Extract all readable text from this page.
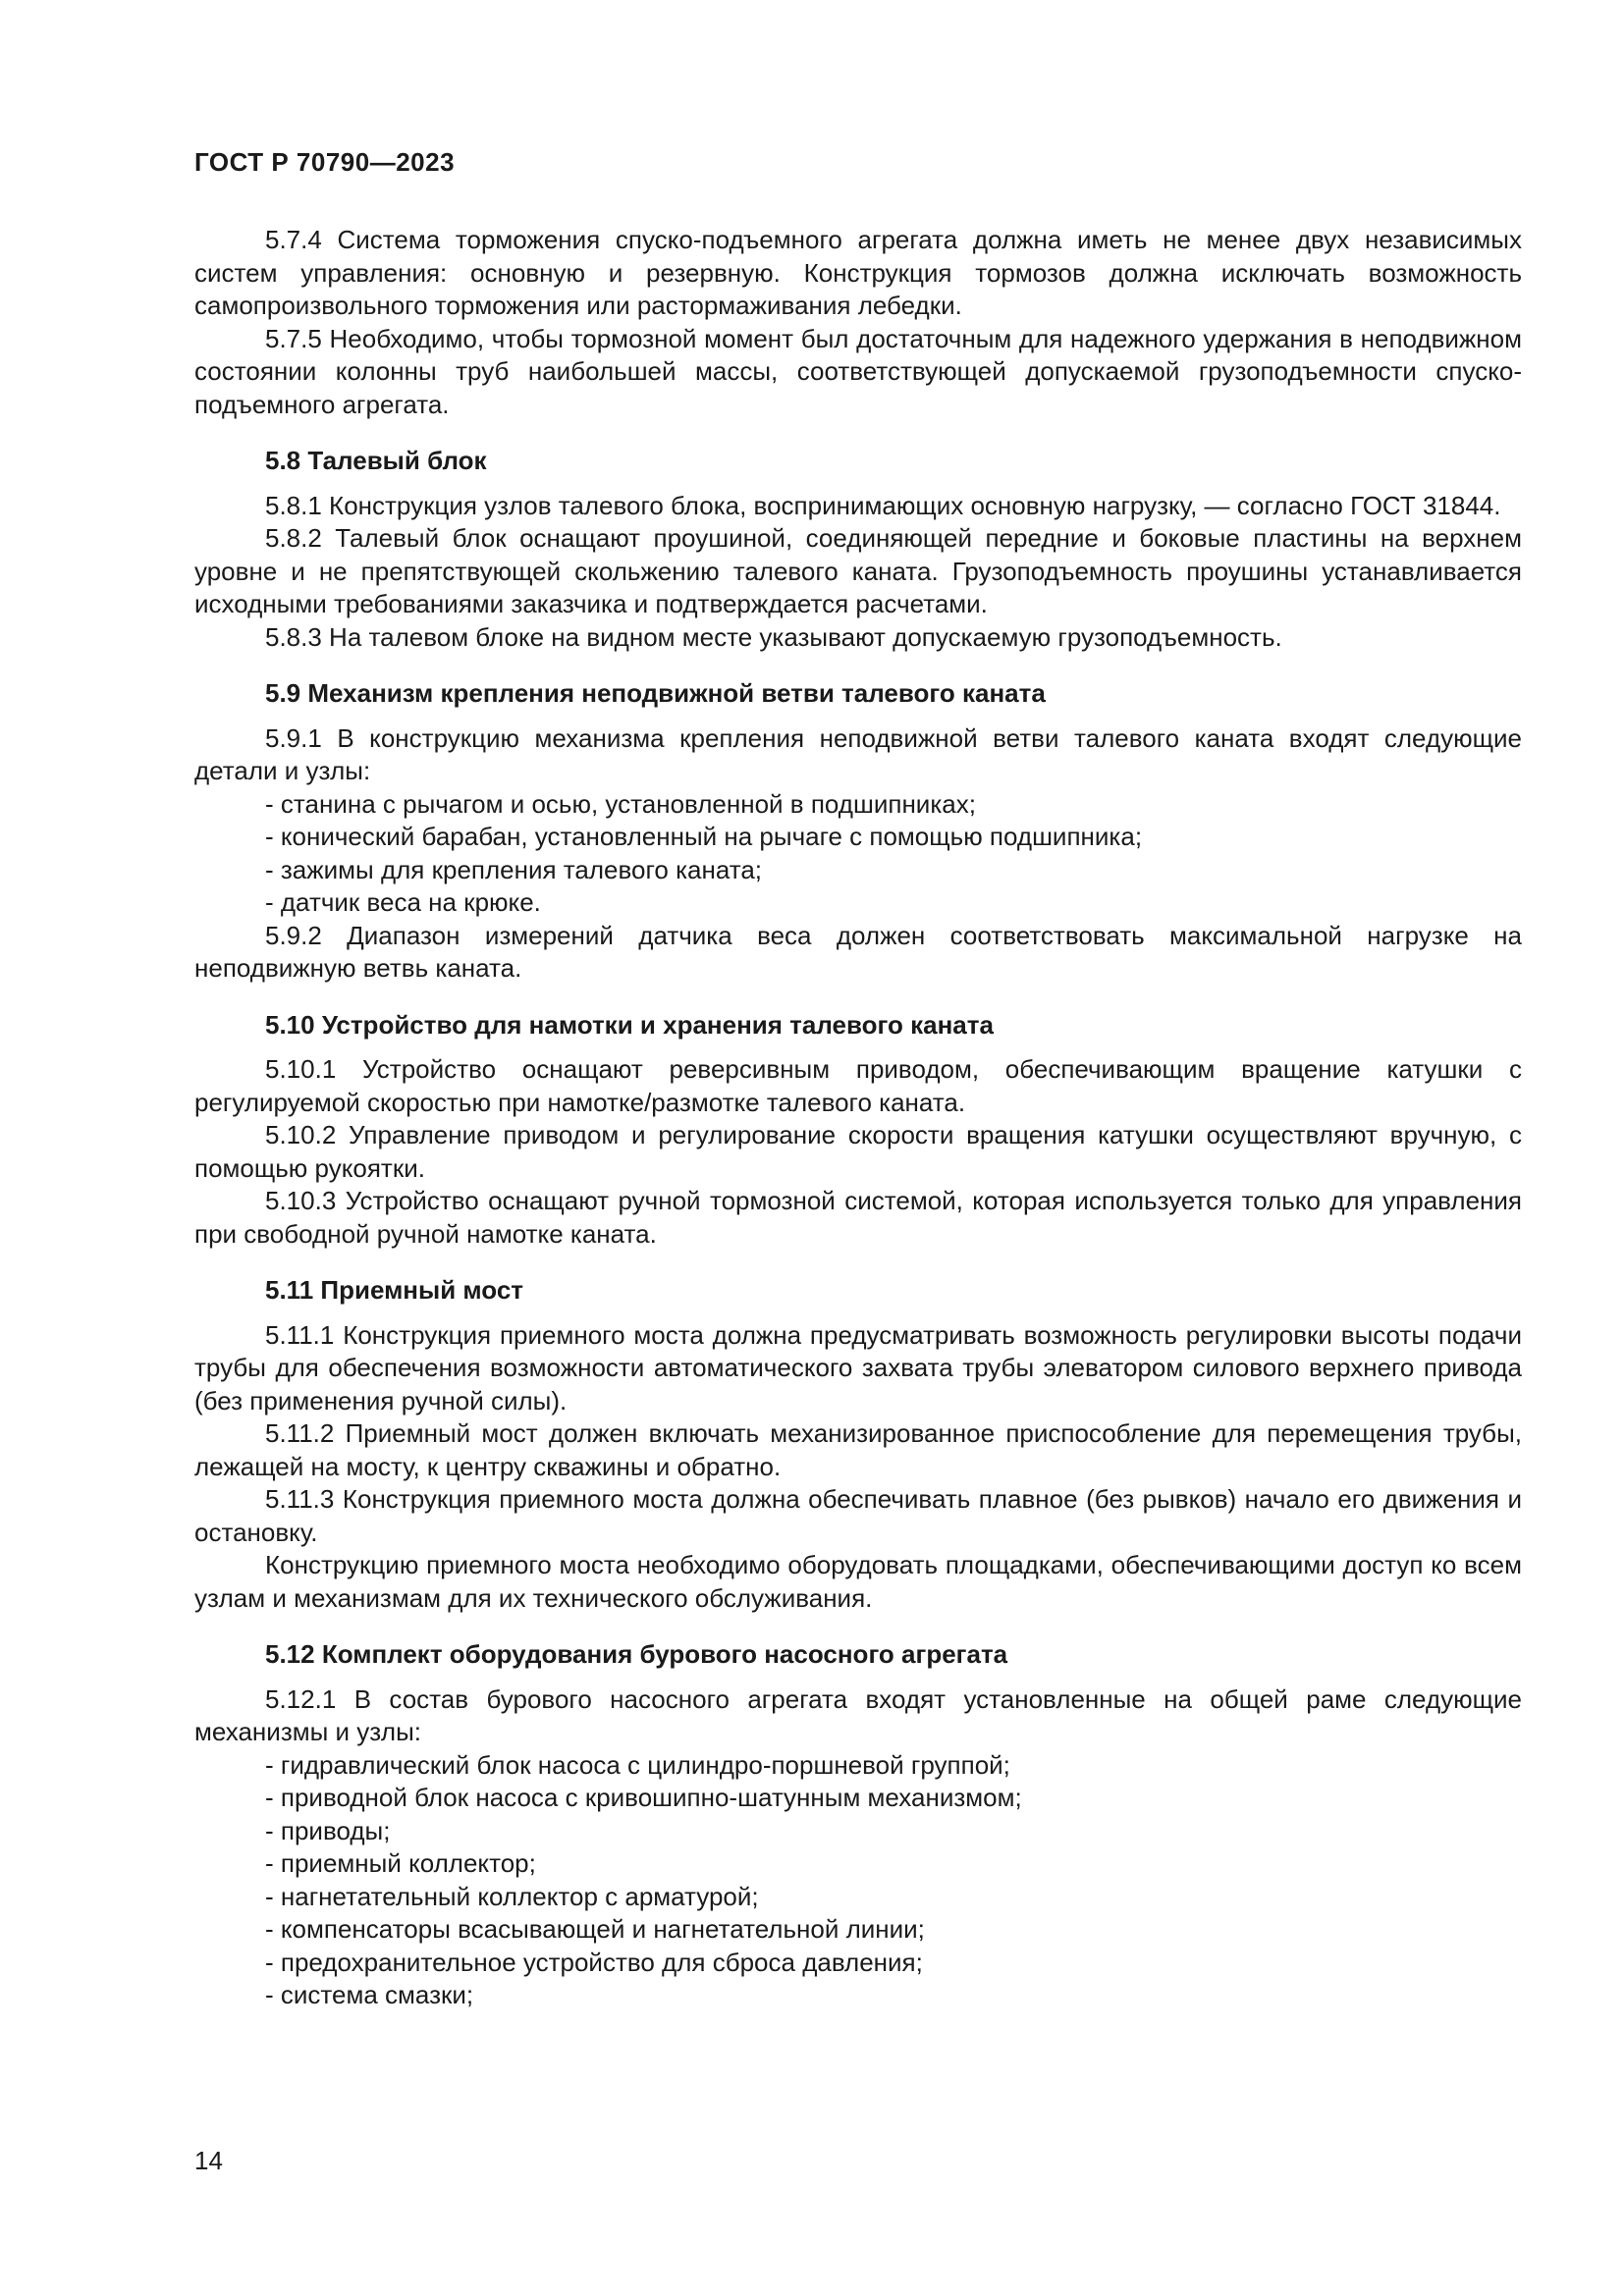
ГОСТ Р 70790—2023

5.7.4 Система торможения спуско-подъемного агрегата должна иметь не менее двух независимых систем управления: основную и резервную. Конструкция тормозов должна исключать возможность самопроизвольного торможения или растормаживания лебедки.

5.7.5 Необходимо, чтобы тормозной момент был достаточным для надежного удержания в неподвижном состоянии колонны труб наибольшей массы, соответствующей допускаемой грузоподъемности спуско-подъемного агрегата.

5.8 Талевый блок

5.8.1 Конструкция узлов талевого блока, воспринимающих основную нагрузку, — согласно ГОСТ 31844.

5.8.2 Талевый блок оснащают проушиной, соединяющей передние и боковые пластины на верхнем уровне и не препятствующей скольжению талевого каната. Грузоподъемность проушины устанавливается исходными требованиями заказчика и подтверждается расчетами.

5.8.3 На талевом блоке на видном месте указывают допускаемую грузоподъемность.

5.9 Механизм крепления неподвижной ветви талевого каната

5.9.1 В конструкцию механизма крепления неподвижной ветви талевого каната входят следующие детали и узлы:

- станина с рычагом и осью, установленной в подшипниках;
- конический барабан, установленный на рычаге с помощью подшипника;
- зажимы для крепления талевого каната;
- датчик веса на крюке.

5.9.2 Диапазон измерений датчика веса должен соответствовать максимальной нагрузке на неподвижную ветвь каната.

5.10 Устройство для намотки и хранения талевого каната

5.10.1 Устройство оснащают реверсивным приводом, обеспечивающим вращение катушки с регулируемой скоростью при намотке/размотке талевого каната.

5.10.2 Управление приводом и регулирование скорости вращения катушки осуществляют вручную, с помощью рукоятки.

5.10.3 Устройство оснащают ручной тормозной системой, которая используется только для управления при свободной ручной намотке каната.

5.11 Приемный мост

5.11.1 Конструкция приемного моста должна предусматривать возможность регулировки высоты подачи трубы для обеспечения возможности автоматического захвата трубы элеватором силового верхнего привода (без применения ручной силы).

5.11.2 Приемный мост должен включать механизированное приспособление для перемещения трубы, лежащей на мосту, к центру скважины и обратно.

5.11.3 Конструкция приемного моста должна обеспечивать плавное (без рывков) начало его движения и остановку.

Конструкцию приемного моста необходимо оборудовать площадками, обеспечивающими доступ ко всем узлам и механизмам для их технического обслуживания.

5.12 Комплект оборудования бурового насосного агрегата

5.12.1 В состав бурового насосного агрегата входят установленные на общей раме следующие механизмы и узлы:

- гидравлический блок насоса с цилиндро-поршневой группой;
- приводной блок насоса с кривошипно-шатунным механизмом;
- приводы;
- приемный коллектор;
- нагнетательный коллектор с арматурой;
- компенсаторы всасывающей и нагнетательной линии;
- предохранительное устройство для сброса давления;
- система смазки;
14
